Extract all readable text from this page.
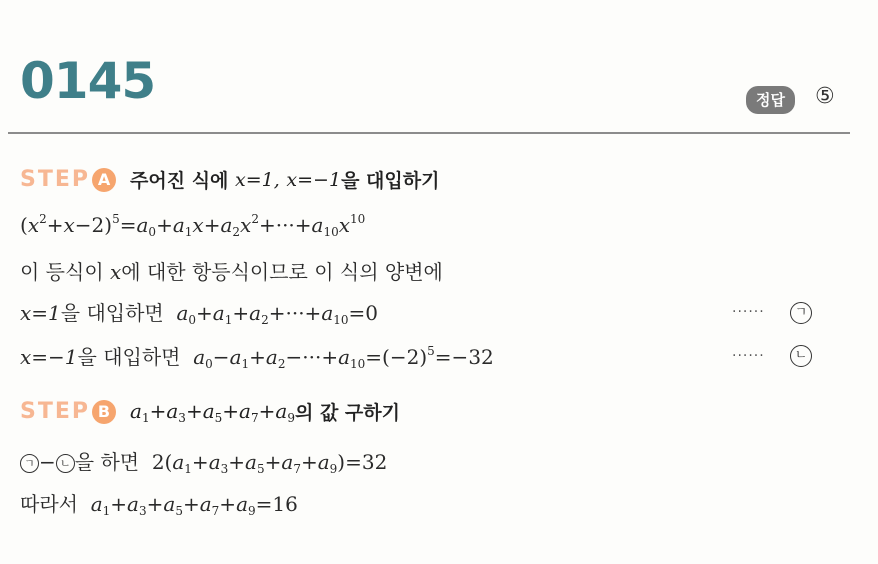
0145	정답	⑤
STEP A	주어진 식에
x=1,
x=−1 을 대입하기
$(x^2+x-2)^5=a_0+a_1x+a_2x^2+\cdot\cdot\cdot+a_{10}x^{10}$
이 등식이 x에 대한 항등식이므로 이 식의 양변에
x=1을 대입하면 $a_0+a_1+a_2+\cdot\cdot\cdot+a_{10}=0$	······	ㄱ
x=−1을 대입하면 $a_0-a_1+a_2-\cdot\cdot\cdot+a_{10}=(-2)^5=-32$	······	ㄴ
STEP B $a_1+a_3+a_5+a_7+a_9$ 의 값 구하기
ㄱ − ㄴ 을 하면 $2(a_1+a_3+a_5+a_7+a_9)=32$
따라서 $a_1+a_3+a_5+a_7+a_9=16$
